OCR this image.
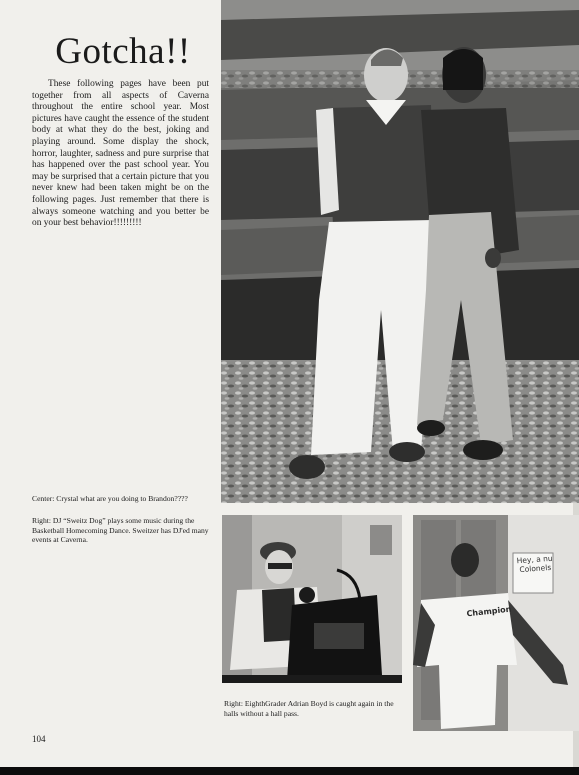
Gotcha!!

These following pages have been put together from all aspects of Caverna throughout the entire school year. Most pictures have caught the essence of the student body at what they do the best, joking and playing around. Some display the shock, horror, laughter, sadness and pure surprise that has happened over the past school year. You may be surprised that a certain picture that you never knew had been taken might be on the following pages. Just remember that there is always someone watching and you better be on your best behavior!!!!!!!!!

Center: Crystal what are you doing to Brandon????

Right: DJ “Sweitz Dog” plays some music during the Basketball Homecoming Dance. Sweitzer has DJ'ed many events at Caverna.

Hey, a nu Colonels
Champion

Right: EighthGrader Adrian Boyd is caught again in the halls without a hall pass.

104
